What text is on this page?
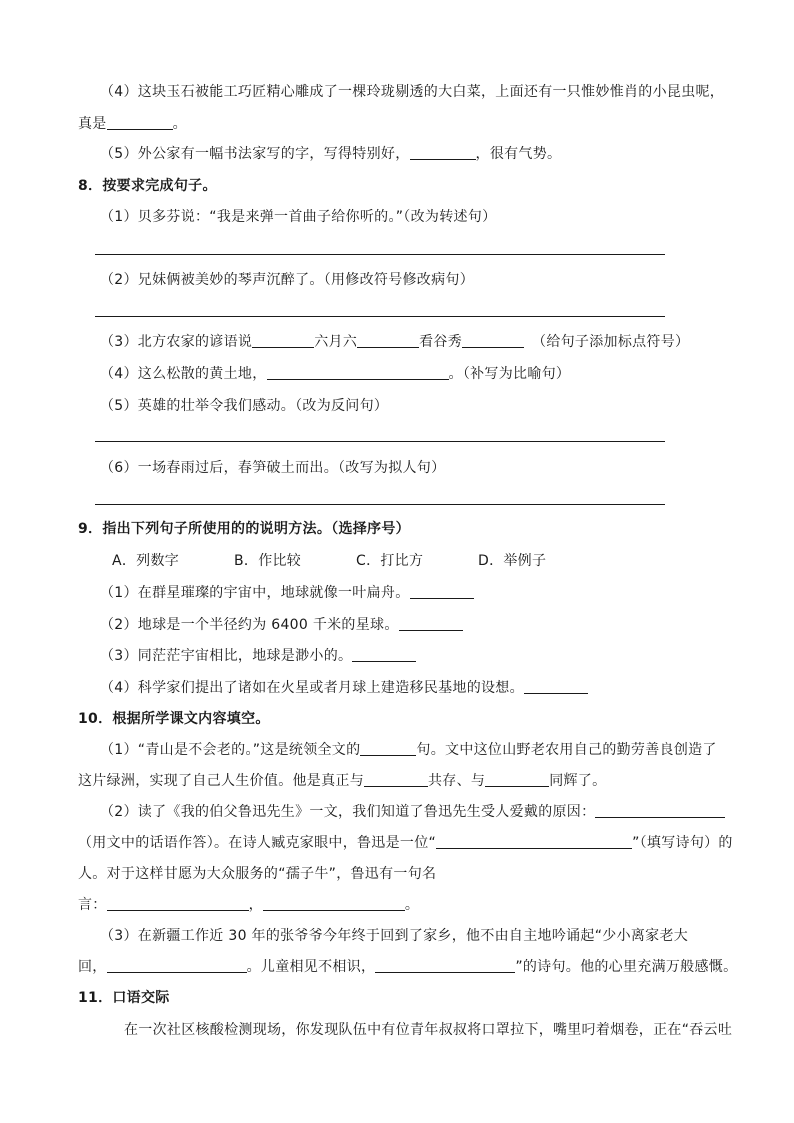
（4）这块玉石被能工巧匠精心雕成了一棵玲珑剔透的大白菜，上面还有一只惟妙惟肖的小昆虫呢，
真是	。
（5）外公家有一幅书法家写的字，写得特别好，	，很有气势。
8．按要求完成句子。
（1）贝多芬说：“我是来弹一首曲子给你听的。”（改为转述句）
（2）兄妹俩被美妙的琴声沉醉了。（用修改符号修改病句）
（3）北方农家的谚语说	六月六	看谷秀	（给句子添加标点符号）
（4）这么松散的黄土地，	。（补写为比喻句）
（5）英雄的壮举令我们感动。（改为反问句）
（6）一场春雨过后，春笋破土而出。（改写为拟人句）
9．指出下列句子所使用的的说明方法。（选择序号）
A．列数字	B．作比较	C．打比方	D．举例子
（1）在群星璀璨的宇宙中，地球就像一叶扁舟。
（2）地球是一个半径约为 6400 千米的星球。
（3）同茫茫宇宙相比，地球是渺小的。
（4）科学家们提出了诸如在火星或者月球上建造移民基地的设想。
10．根据所学课文内容填空。
（1）“青山是不会老的。”这是统领全文的	句。文中这位山野老农用自己的勤劳善良创造了
这片绿洲，实现了自己人生价值。他是真正与	共存、与	同辉了。
（2）读了《我的伯父鲁迅先生》一文，我们知道了鲁迅先生受人爱戴的原因：
（用文中的话语作答）。在诗人臧克家眼中，鲁迅是一位“	”（填写诗句）的
人。对于这样甘愿为大众服务的“孺子牛”，鲁迅有一句名
言：	，	。
（3）在新疆工作近 30 年的张爷爷今年终于回到了家乡，他不由自主地吟诵起“少小离家老大
回，	。儿童相见不相识，	”的诗句。他的心里充满万般感慨。
11．口语交际
在一次社区核酸检测现场，你发现队伍中有位青年叔叔将口罩拉下，嘴里叼着烟卷，正在“吞云吐
